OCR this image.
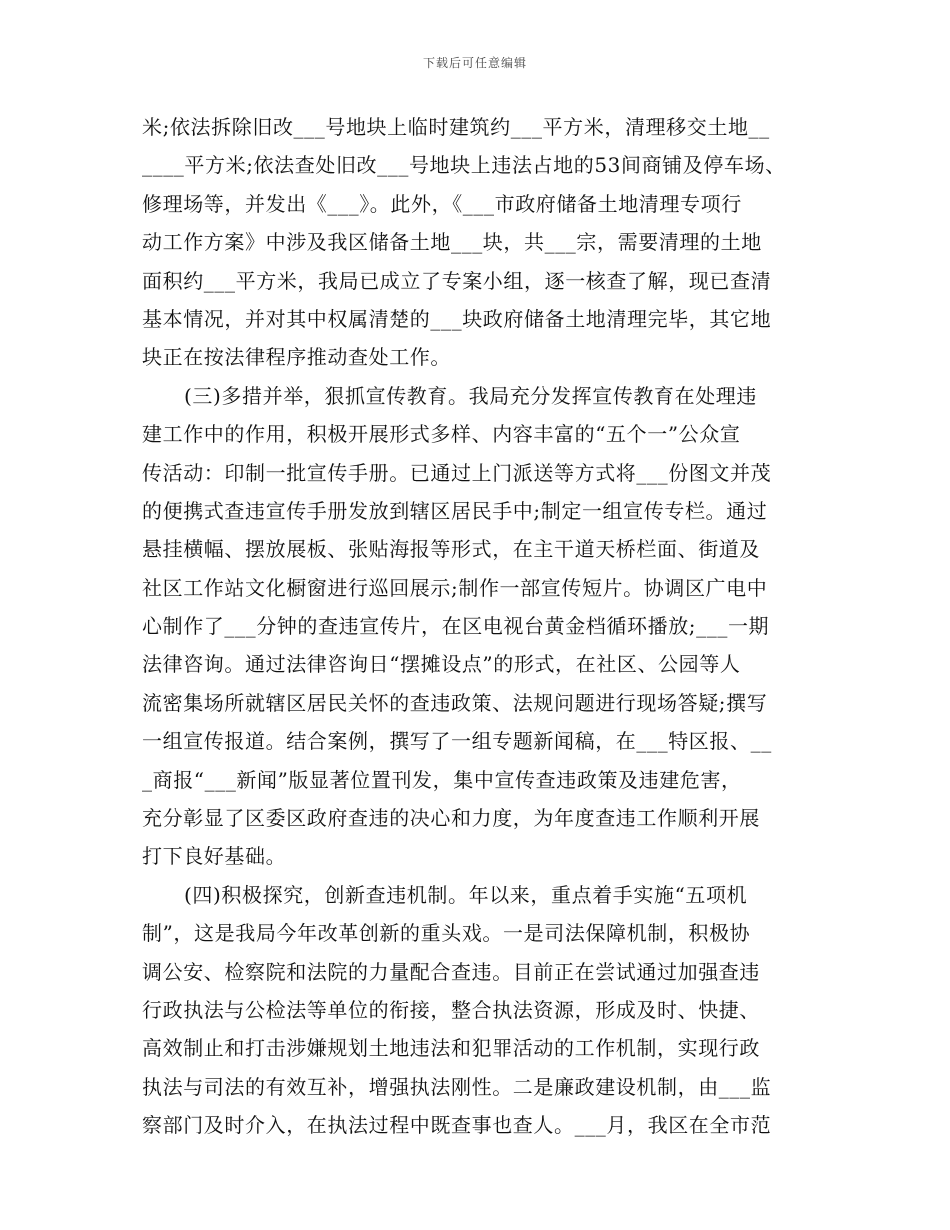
下载后可任意编辑
米;依法拆除旧改___号地块上临时建筑约___平方米，清理移交土地__
____平方米;依法查处旧改___号地块上违法占地的53间商铺及停车场、
修理场等，并发出《___》。此外，《___市政府储备土地清理专项行
动工作方案》中涉及我区储备土地___块，共___宗，需要清理的土地
面积约___平方米，我局已成立了专案小组，逐一核查了解，现已查清
基本情况，并对其中权属清楚的___块政府储备土地清理完毕，其它地
块正在按法律程序推动查处工作。
(三)多措并举，狠抓宣传教育。我局充分发挥宣传教育在处理违
建工作中的作用，积极开展形式多样、内容丰富的“五个一”公众宣
传活动：印制一批宣传手册。已通过上门派送等方式将___份图文并茂
的便携式查违宣传手册发放到辖区居民手中;制定一组宣传专栏。通过
悬挂横幅、摆放展板、张贴海报等形式，在主干道天桥栏面、街道及
社区工作站文化橱窗进行巡回展示;制作一部宣传短片。协调区广电中
心制作了___分钟的查违宣传片，在区电视台黄金档循环播放;___一期
法律咨询。通过法律咨询日“摆摊设点”的形式，在社区、公园等人
流密集场所就辖区居民关怀的查违政策、法规问题进行现场答疑;撰写
一组宣传报道。结合案例，撰写了一组专题新闻稿，在___特区报、__
_商报“___新闻”版显著位置刊发，集中宣传查违政策及违建危害，
充分彰显了区委区政府查违的决心和力度，为年度查违工作顺利开展
打下良好基础。
(四)积极探究，创新查违机制。年以来，重点着手实施“五项机
制”，这是我局今年改革创新的重头戏。一是司法保障机制，积极协
调公安、检察院和法院的力量配合查违。目前正在尝试通过加强查违
行政执法与公检法等单位的衔接，整合执法资源，形成及时、快捷、
高效制止和打击涉嫌规划土地违法和犯罪活动的工作机制，实现行政
执法与司法的有效互补，增强执法刚性。二是廉政建设机制，由___监
察部门及时介入，在执法过程中既查事也查人。___月，我区在全市范
